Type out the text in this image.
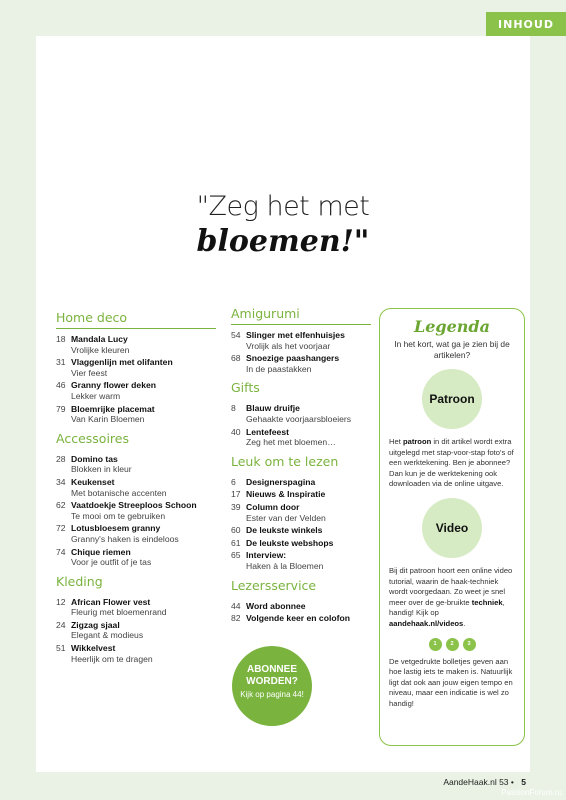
INHOUD
"Zeg het met
bloemen!"
Home deco
18 Mandala Lucy
Vrolijke kleuren
31 Vlaggenlijn met olifanten
Vier feest
46 Granny flower deken
Lekker warm
79 Bloemrijke placemat
Van Karin Bloemen
Accessoires
28 Domino tas
Blokken in kleur
34 Keukenset
Met botanische accenten
62 Vaatdoekje Streeploos Schoon
Te mooi om te gebruiken
72 Lotusbloesem granny
Granny's haken is eindeloos
74 Chique riemen
Voor je outfit of je tas
Kleding
12 African Flower vest
Fleurig met bloemenrand
24 Zigzag sjaal
Elegant & modieus
51 Wikkelvest
Heerlijk om te dragen
Amigurumi
54 Slinger met elfenhuisjes
Vrolijk als het voorjaar
68 Snoezige paashangers
In de paastakken
Gifts
8	Blauw druifje
Gehaakte voorjaarsbloeiers
40 Lentefeest
Zeg het met bloemen…
Leuk om te lezen
6	Designerspagina
17 Nieuws & Inspiratie
39 Column door
Ester van der Velden
60 De leukste winkels
61 De leukste webshops
65 Interview:
Haken à la Bloemen
Lezersservice
44 Word abonnee
82 Volgende keer en colofon
Legenda
In het kort, wat ga je zien bij de artikelen?
Patroon
Het patroon in dit artikel wordt extra uitgelegd met stap-voor-stap foto's of een werktekening. Ben je abonnee? Dan kun je de werktekening ook downloaden via de online uitgave.
Video
Bij dit patroon hoort een online video tutorial, waarin de haak-techniek wordt voorgedaan. Zo weet je snel meer over de ge-bruikte techniek, handig! Kijk op aandehaak.nl/videos.
1	2	3
De vetgedrukte bolletjes geven aan hoe lastig iets te maken is. Natuurlijk ligt dat ook aan jouw eigen tempo en niveau, maar een indicatie is wel zo handig!
ABONNEE WORDEN?
Kijk op pagina 44!
AandeHaak.nl 53 • 5
PassionForum.ru
